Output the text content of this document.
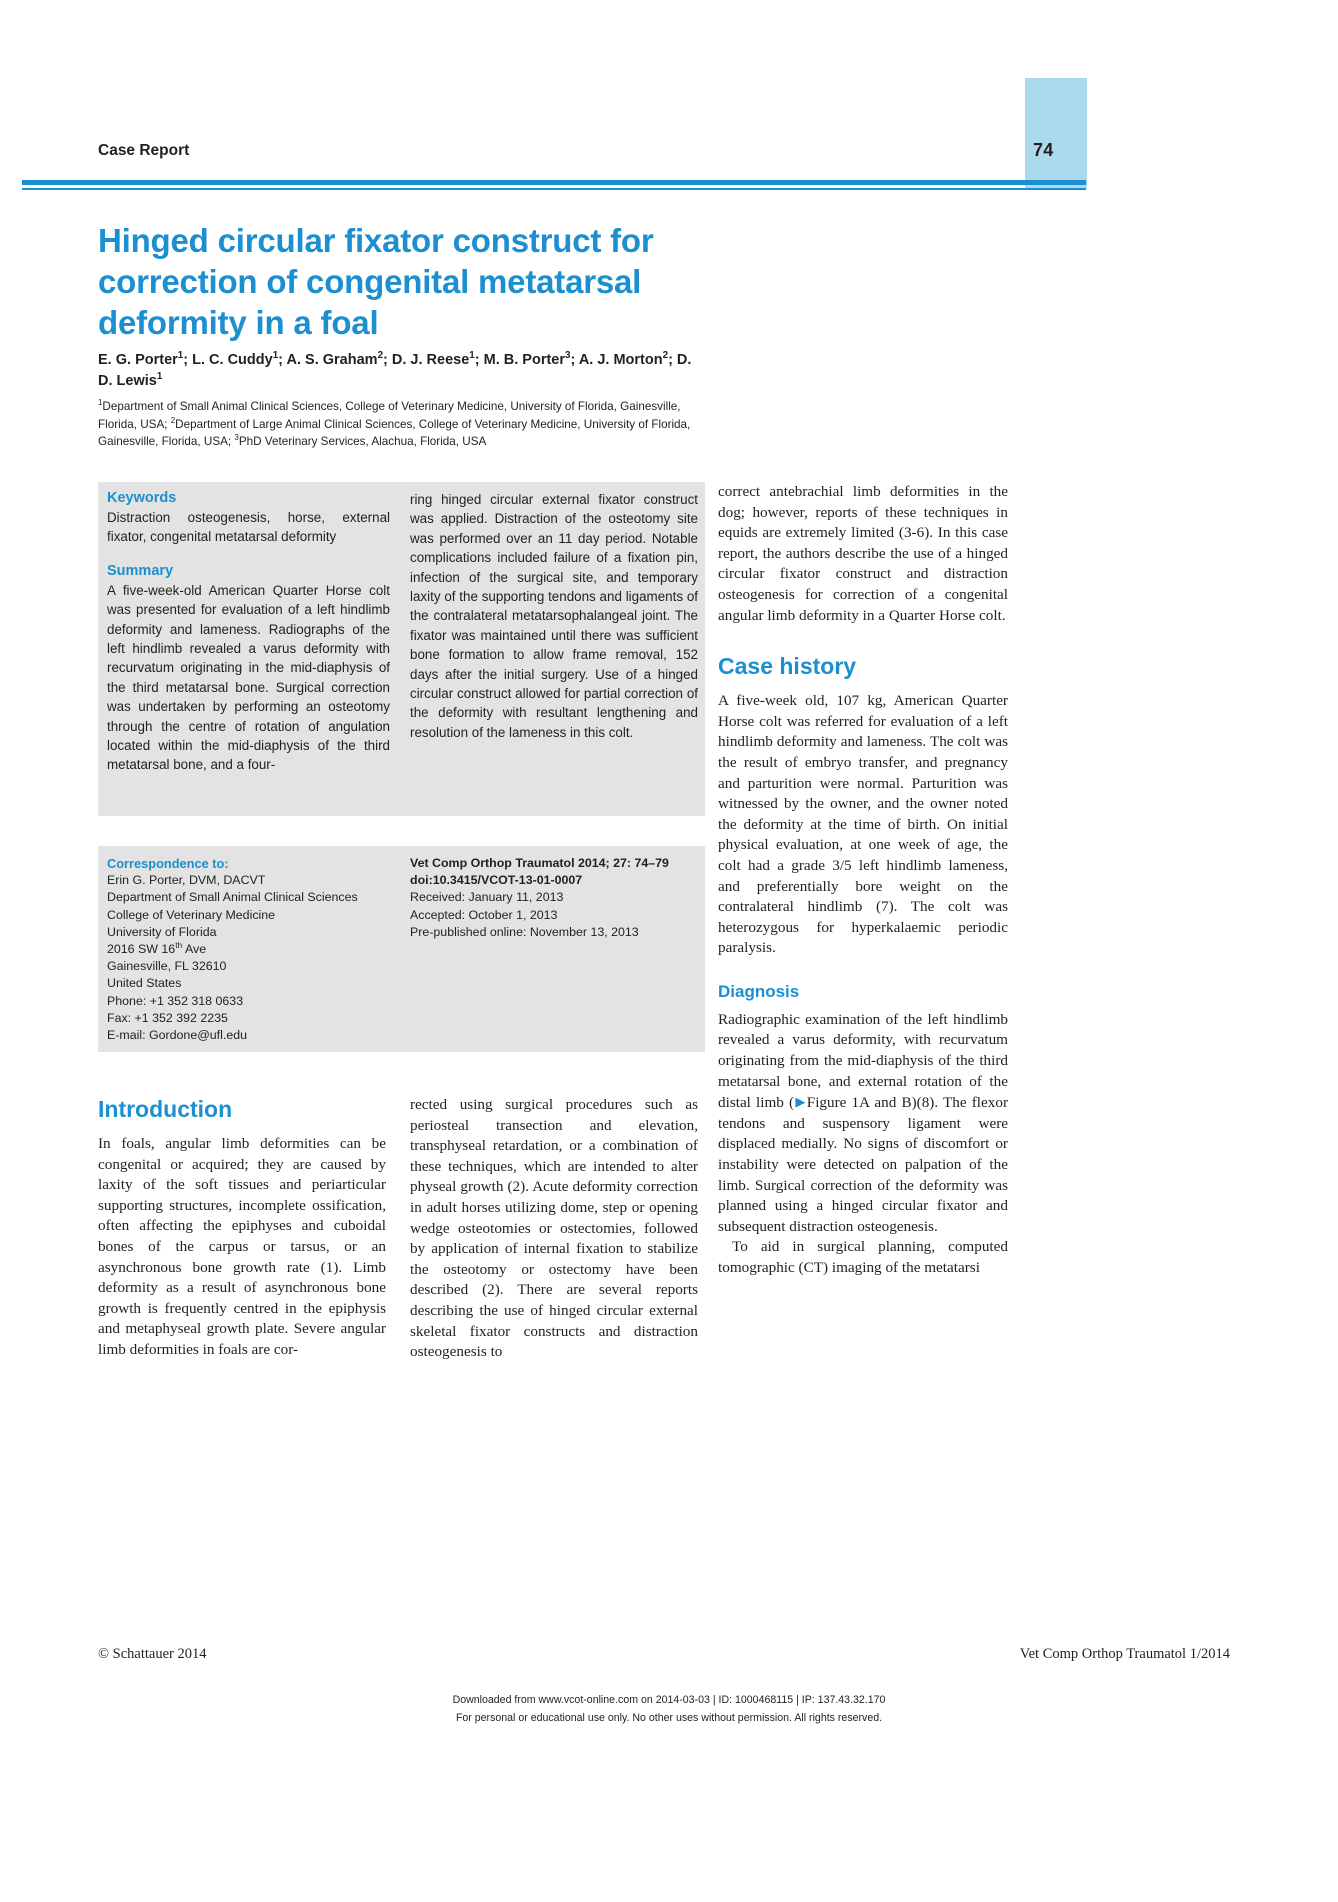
74
Case Report
Hinged circular fixator construct for correction of congenital metatarsal deformity in a foal
E. G. Porter$^1$; L. C. Cuddy$^1$; A. S. Graham$^2$; D. J. Reese$^1$; M. B. Porter$^3$; A. J. Morton$^2$; D. D. Lewis$^1$
$^1$Department of Small Animal Clinical Sciences, College of Veterinary Medicine, University of Florida, Gainesville, Florida, USA; $^2$Department of Large Animal Clinical Sciences, College of Veterinary Medicine, University of Florida, Gainesville, Florida, USA; $^3$PhD Veterinary Services, Alachua, Florida, USA
Keywords
Distraction osteogenesis, horse, external fixator, congenital metatarsal deformity
Summary
A five-week-old American Quarter Horse colt was presented for evaluation of a left hindlimb deformity and lameness. Radiographs of the left hindlimb revealed a varus deformity with recurvatum originating in the mid-diaphysis of the third metatarsal bone. Surgical correction was undertaken by performing an osteotomy through the centre of rotation of angulation located within the mid-diaphysis of the third metatarsal bone, and a four-
ring hinged circular external fixator construct was applied. Distraction of the osteotomy site was performed over an 11 day period. Notable complications included failure of a fixation pin, infection of the surgical site, and temporary laxity of the supporting tendons and ligaments of the contralateral metatarsophalangeal joint. The fixator was maintained until there was sufficient bone formation to allow frame removal, 152 days after the initial surgery. Use of a hinged circular construct allowed for partial correction of the deformity with resultant lengthening and resolution of the lameness in this colt.
Correspondence to:
Erin G. Porter, DVM, DACVT
Department of Small Animal Clinical Sciences
College of Veterinary Medicine
University of Florida
2016 SW 16th Ave
Gainesville, FL 32610
United States
Phone: +1 352 318 0633
Fax: +1 352 392 2235
E-mail: Gordone@ufl.edu
Vet Comp Orthop Traumatol 2014; 27: 74–79
doi:10.3415/VCOT-13-01-0007
Received: January 11, 2013
Accepted: October 1, 2013
Pre-published online: November 13, 2013
Introduction

In foals, angular limb deformities can be congenital or acquired; they are caused by laxity of the soft tissues and periarticular supporting structures, incomplete ossification, often affecting the epiphyses and cuboidal bones of the carpus or tarsus, or an asynchronous bone growth rate (1). Limb deformity as a result of asynchronous bone growth is frequently centred in the epiphysis and metaphyseal growth plate. Severe angular limb deformities in foals are cor-

rected using surgical procedures such as periosteal transection and elevation, transphyseal retardation, or a combination of these techniques, which are intended to alter physeal growth (2). Acute deformity correction in adult horses utilizing dome, step or opening wedge osteotomies or ostectomies, followed by application of internal fixation to stabilize the osteotomy or ostectomy have been described (2). There are several reports describing the use of hinged circular external skeletal fixator constructs and distraction osteogenesis to

correct antebrachial limb deformities in the dog; however, reports of these techniques in equids are extremely limited (3-6). In this case report, the authors describe the use of a hinged circular fixator construct and distraction osteogenesis for correction of a congenital angular limb deformity in a Quarter Horse colt.

Case history

A five-week old, 107 kg, American Quarter Horse colt was referred for evaluation of a left hindlimb deformity and lameness. The colt was the result of embryo transfer, and pregnancy and parturition were normal. Parturition was witnessed by the owner, and the owner noted the deformity at the time of birth. On initial physical evaluation, at one week of age, the colt had a grade 3/5 left hindlimb lameness, and preferentially bore weight on the contralateral hindlimb (7). The colt was heterozygous for hyperkalaemic periodic paralysis.

Diagnosis

Radiographic examination of the left hindlimb revealed a varus deformity, with recurvatum originating from the mid-diaphysis of the third metatarsal bone, and external rotation of the distal limb (▶Figure 1A and B)(8). The flexor tendons and suspensory ligament were displaced medially. No signs of discomfort or instability were detected on palpation of the limb. Surgical correction of the deformity was planned using a hinged circular fixator and subsequent distraction osteogenesis.

To aid in surgical planning, computed tomographic (CT) imaging of the metatarsi

© Schattauer 2014	Vet Comp Orthop Traumatol 1/2014
Downloaded from www.vcot-online.com on 2014-03-03 | ID: 1000468115 | IP: 137.43.32.170
For personal or educational use only. No other uses without permission. All rights reserved.
